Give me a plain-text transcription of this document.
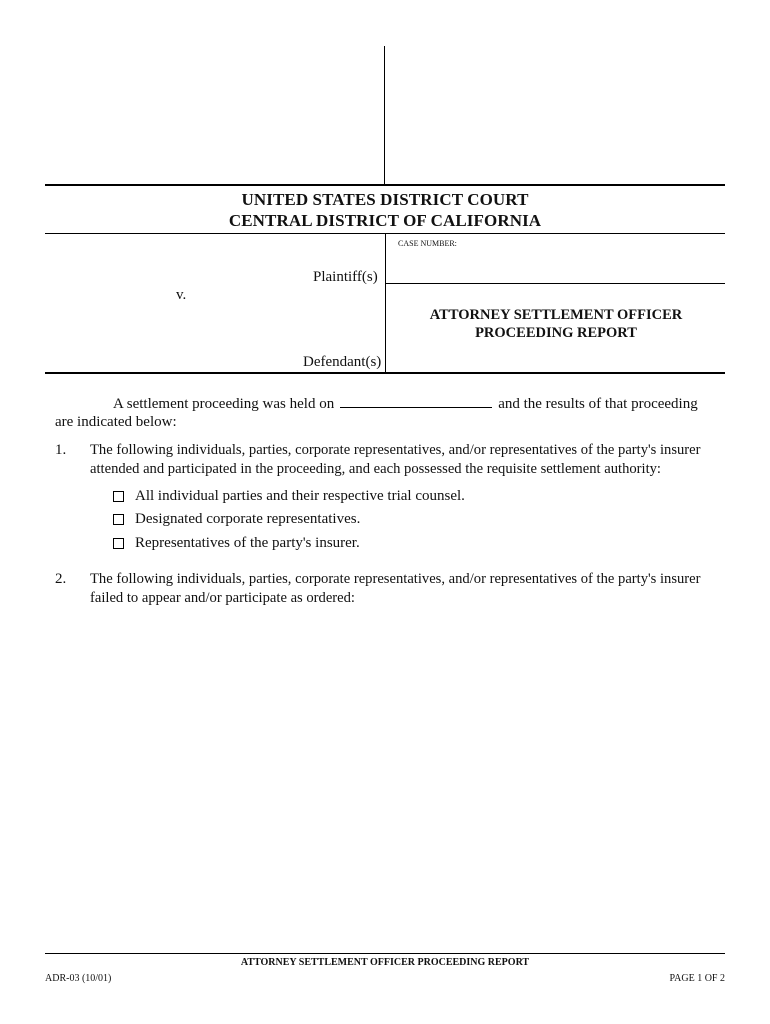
UNITED STATES DISTRICT COURT
CENTRAL DISTRICT OF CALIFORNIA
CASE NUMBER:
Plaintiff(s)
v.
Defendant(s)
ATTORNEY SETTLEMENT OFFICER
PROCEEDING REPORT
A settlement proceeding was held on	and the results of that proceeding
are indicated below:
1. The following individuals, parties, corporate representatives, and/or representatives of the party's insurer
attended and participated in the proceeding, and each possessed the requisite settlement authority:
All individual parties and their respective trial counsel.
Designated corporate representatives.
Representatives of the party's insurer.
2. The following individuals, parties, corporate representatives, and/or representatives of the party's insurer
failed to appear and/or participate as ordered:
ATTORNEY SETTLEMENT OFFICER PROCEEDING REPORT
ADR-03 (10/01)	PAGE 1 OF 2
